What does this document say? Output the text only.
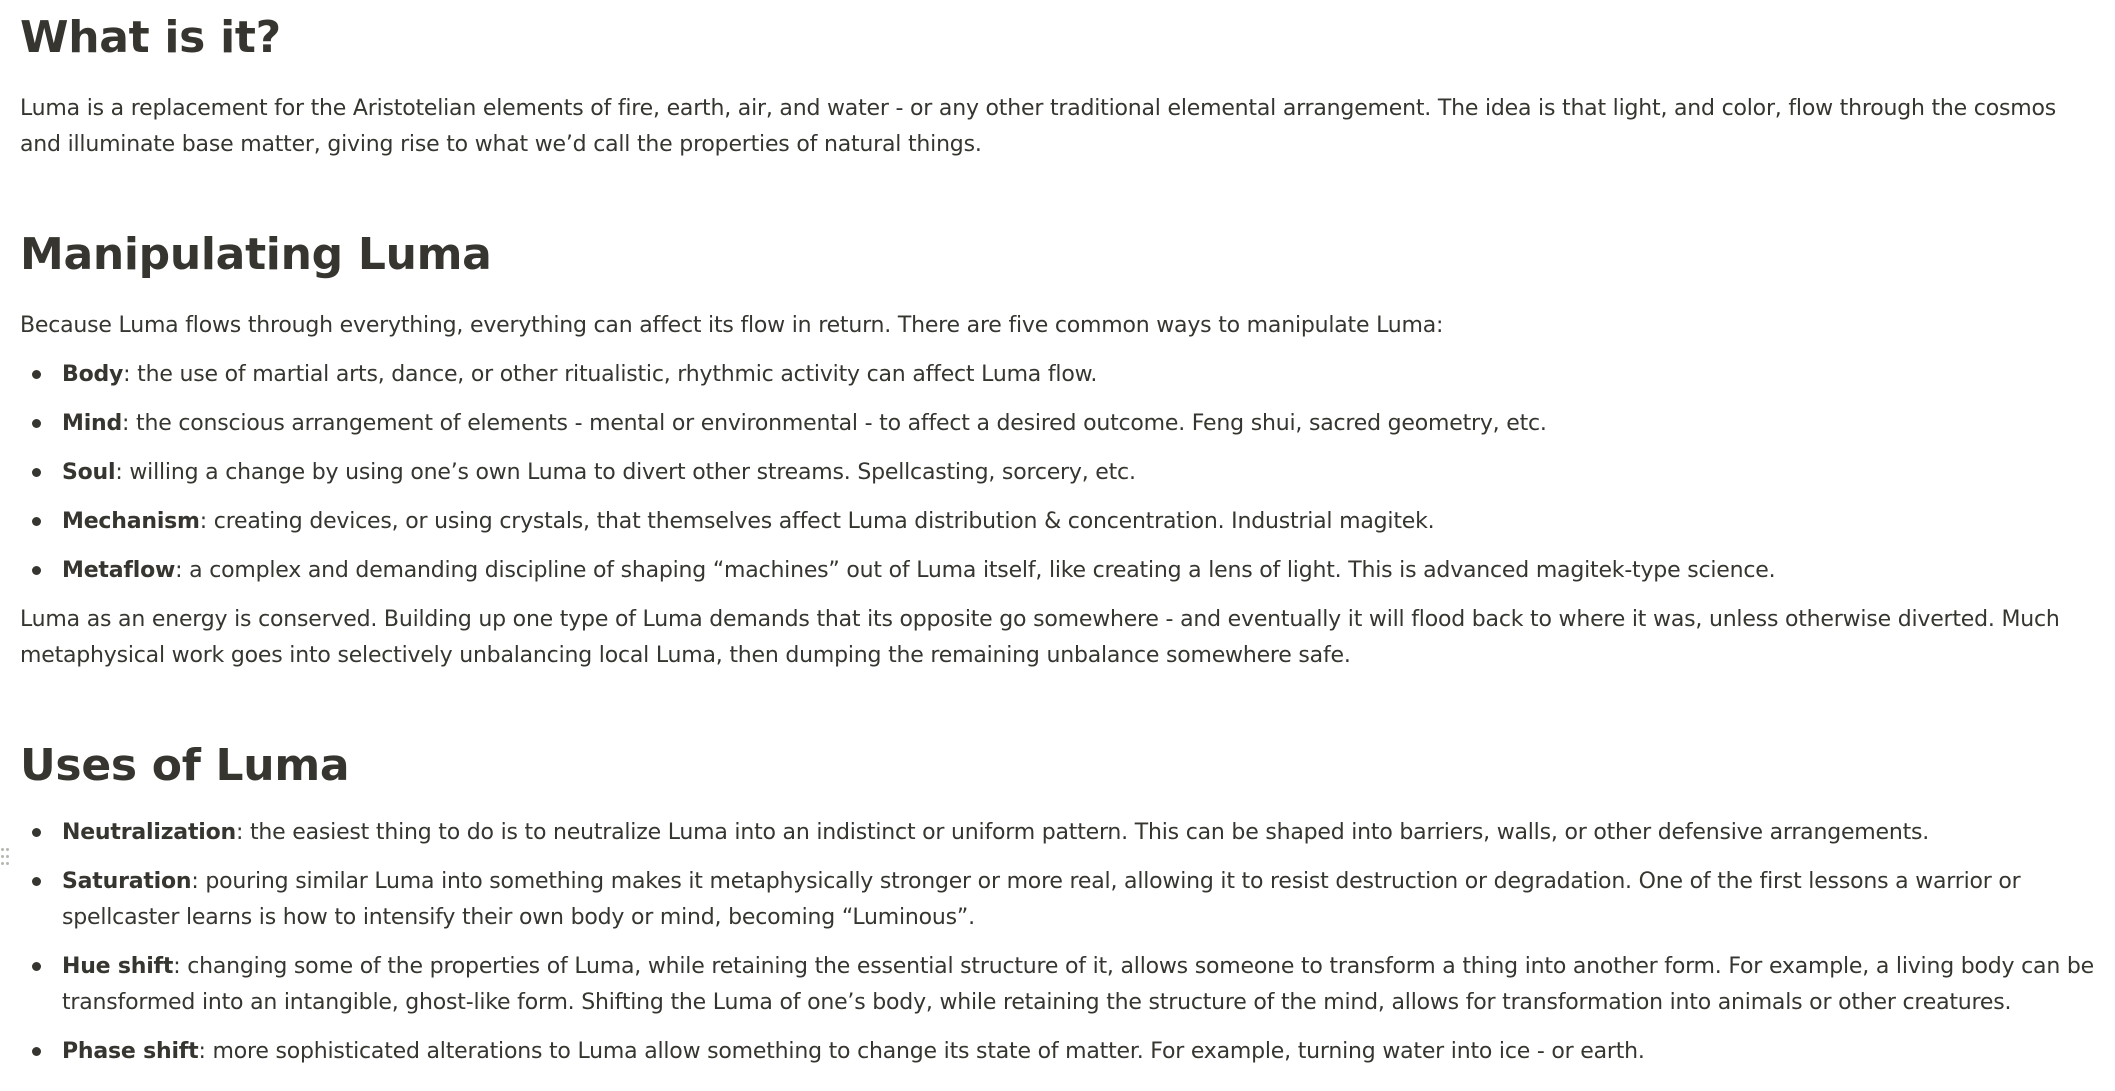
What is it?

Luma is a replacement for the Aristotelian elements of fire, earth, air, and water - or any other traditional elemental arrangement. The idea is that light, and color, flow through the cosmos and illuminate base matter, giving rise to what we’d call the properties of natural things.

Manipulating Luma

Because Luma flows through everything, everything can affect its flow in return. There are five common ways to manipulate Luma:

Body: the use of martial arts, dance, or other ritualistic, rhythmic activity can affect Luma flow.
Mind: the conscious arrangement of elements - mental or environmental - to affect a desired outcome. Feng shui, sacred geometry, etc.
Soul: willing a change by using one’s own Luma to divert other streams. Spellcasting, sorcery, etc.
Mechanism: creating devices, or using crystals, that themselves affect Luma distribution & concentration. Industrial magitek.
Metaflow: a complex and demanding discipline of shaping “machines” out of Luma itself, like creating a lens of light. This is advanced magitek-type science.

Luma as an energy is conserved. Building up one type of Luma demands that its opposite go somewhere - and eventually it will flood back to where it was, unless otherwise diverted. Much metaphysical work goes into selectively unbalancing local Luma, then dumping the remaining unbalance somewhere safe.

Uses of Luma
Neutralization: the easiest thing to do is to neutralize Luma into an indistinct or uniform pattern. This can be shaped into barriers, walls, or other defensive arrangements.
Saturation: pouring similar Luma into something makes it metaphysically stronger or more real, allowing it to resist destruction or degradation. One of the first lessons a warrior or spellcaster learns is how to intensify their own body or mind, becoming “Luminous”.
Hue shift: changing some of the properties of Luma, while retaining the essential structure of it, allows someone to transform a thing into another form. For example, a living body can be transformed into an intangible, ghost-like form. Shifting the Luma of one’s body, while retaining the structure of the mind, allows for transformation into animals or other creatures.
Phase shift: more sophisticated alterations to Luma allow something to change its state of matter. For example, turning water into ice - or earth.
